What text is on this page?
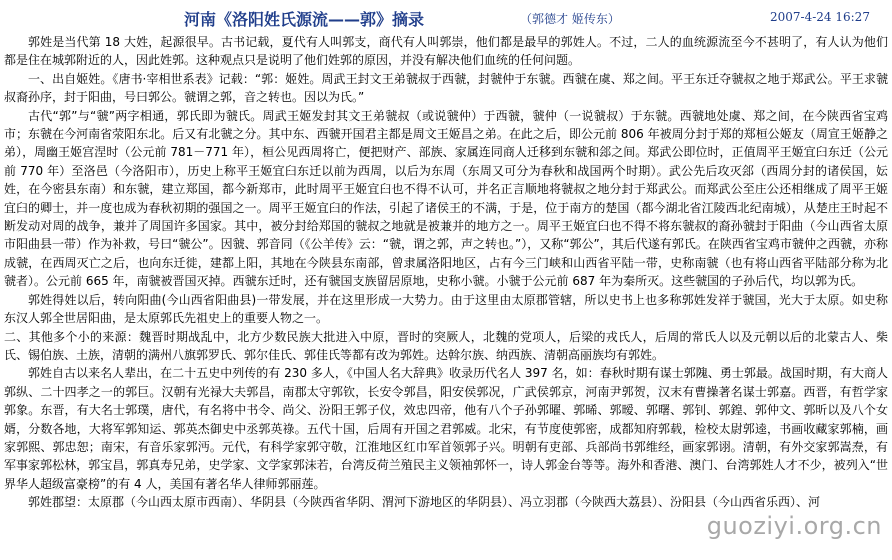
河南《洛阳姓氏源流——郭》摘录	（郭德才 姬传东）	2007-4-24 16:27

郭姓是当代第 18 大姓，起源很早。古书记载，夏代有人叫郭支，商代有人叫郭崇，他们都是最早的郭姓人。不过，二人的血统源流至今不甚明了，有人认为他们都是住在城郭附近的人，因此姓郭。这种观点只是说明了他们姓郭的原因，并没有解决他们血统的任何问题。

一、出自姬姓。《唐书·宰相世系表》记载：“郭：姬姓。周武王封文王弟虢叔于西虢，封虢仲于东虢。西虢在虞、郑之间。平王东迁夺虢叔之地于郑武公。平王求虢叔裔孙序，封于阳曲，号曰郭公。虢谓之郭，音之转也。因以为氏。”

古代“郭”与“虢”两字相通，郭氏即为虢氏。周武王姬发封其文王弟虢叔（或说虢仲）于西虢，虢仲（一说虢叔）于东虢。西虢地处虞、郑之间，在今陕西省宝鸡市；东虢在今河南省荥阳东北。后又有北虢之分。其中东、西虢开国君主都是周文王姬昌之弟。在此之后，即公元前 806 年被周分封于郑的郑桓公姬友（周宣王姬静之弟），周幽王姬宫涅时（公元前 781－771 年），桓公见西周将亡，便把财产、部族、家属连同商人迁移到东虢和郐之间。郑武公即位时，正值周平王姬宜臼东迁（公元前 770 年）至洛邑（今洛阳市），历史上称平王姬宜臼东迁以前为西周，以后为东周（东周又可分为春秋和战国两个时期）。武公先后攻灭郐（西周分封的诸侯国，妘姓，在今密县东南）和东虢，建立郑国，都今新郑市，此时周平王姬宜臼也不得不认可，并名正言顺地将虢叔之地分封于郑武公。而郑武公至庄公还相继成了周平王姬宜臼的卿士，并一度也成为春秋初期的强国之一。周平王姬宜臼的作法，引起了诸侯王的不满，于是，位于南方的楚国（都今湖北省江陵西北纪南城），从楚庄王时起不断发动对周的战争，兼并了周国许多国家。其中，被分封给郑国的虢叔之地就是被兼并的地方之一。周平王姬宜臼也不得不将东虢叔的裔孙虢封于阳曲（今山西省太原市阳曲县一带）作为补救，号曰“虢公”。因虢、郭音同（《公羊传》云：“虢，谓之郭，声之转也。”），又称“郭公”，其后代遂有郭氏。在陕西省宝鸡市虢仲之西虢，亦称成虢，在西周灭亡之后，也向东迁徙，建都上阳，其地在今陕县东南部，曾隶属洛阳地区，占有今三门峡和山西省平陆一带，史称南虢（也有将山西省平陆部分称为北虢者）。公元前 665 年，南虢被晋国灭掉。西虢东迁时，还有虢国支族留居原地，史称小虢。小虢于公元前 687 年为秦所灭。这些虢国的子孙后代，均以郭为氏。

郭姓得姓以后，转向阳曲(今山西省阳曲县)一带发展，并在这里形成一大势力。由于这里由太原郡管辖，所以史书上也多称郭姓发祥于虢国，光大于太原。如史称东汉人郭全世居阳曲，是太原郭氏先祖史上的重要人物之一。

二、其他多个小的来源：魏晋时期战乱中，北方少数民族大批进入中原，晋时的突厥人，北魏的党项人，后梁的戎氏人，后周的常氏人以及元朝以后的北蒙古人、柴氏、锡伯族、土族，清朝的满州八旗郭罗氏、郭尔佳氏、郭佳氏等都有改为郭姓。达斡尔族、纳西族、清朝高丽族均有郭姓。

郭姓自古以来名人辈出，在二十五史中列传的有 230 多人，《中国人名大辞典》收录历代名人 397 名，如：春秋时期有谋士郭隗、勇士郭最。战国时期，有大商人郭纵、二十四孝之一的郭巨。汉朝有光禄大夫郭昌，南郡太守郭钦，长安令郭昌，阳安侯郭况，广武侯郭京，河南尹郭贺，汉末有曹操著名谋士郭嘉。西晋，有哲学家郭象。东晋，有大名士郭璞，唐代，有名将中书令、尚父、汾阳王郭子仪，效忠四帝，他有八个子孙郭曜、郭晞、郭暧、郭曙、郭钊、郭鍠、郭仲文、郭昕以及八个女婿，分数各地，大将军郭知运、郭英杰御史中丞郭英祿。五代十国，后周有开国之君郭威。北宋，有节度使郭密，成都知府郭载，检校太尉郭逵，书画收藏家郭楠，画家郭熙、郭忠恕；南宋，有音乐家郭沔。元代，有科学家郭守敬，江淮地区红巾军首领郭子兴。明朝有吏部、兵部尚书郭维经，画家郭诩。清朝，有外交家郭嵩焘，有军事家郭松林，郭宝昌，郭真寿兄弟，史学家、文学家郭沫若，台湾反荷兰殖民主义领袖郭怀一，诗人郭金台等等。海外和香港、澳门、台湾郭姓人才不少，被列入“世界华人超级富豪榜”的有 4 人，美国有著名华人律师郭丽莲。

郭姓郡望：太原郡（今山西太原市西南）、华阴县（今陕西省华阴、渭河下游地区的华阴县）、冯立羽郡（今陕西大荔县）、汾阳县（今山西省乐西）、河

guoziyi.org.cn
